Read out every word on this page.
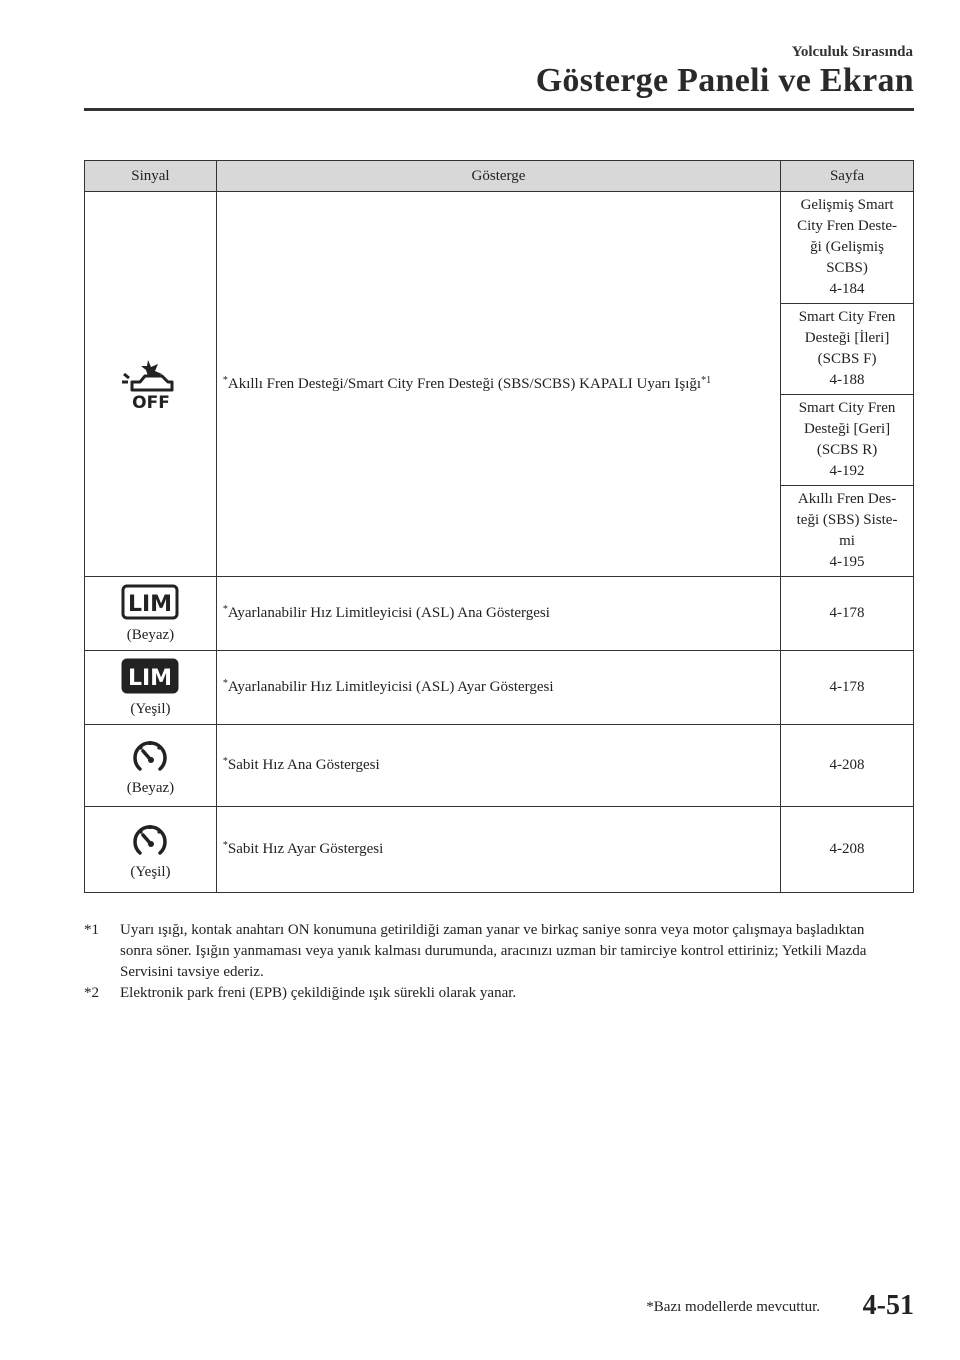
Yolculuk Sırasında
Gösterge Paneli ve Ekran
Sinyal	Gösterge	Sayfa

OFF	*Akıllı Fren Desteği/Smart City Fren Desteği (SBS/SCBS) KAPALI Uyarı Işığı$^{*1}$	Gelişmiş Smart
City Fren Deste-
ği (Gelişmiş
SCBS)
4-184

		Smart City Fren
Desteği [İleri]
(SCBS F)
4-188

		Smart City Fren
Desteği [Geri]
(SCBS R)
4-192

		Akıllı Fren Des-
teği (SBS) Siste-
mi
4-195

LIM
(Beyaz)	*Ayarlanabilir Hız Limitleyicisi (ASL) Ana Göstergesi	4-178

LIM
(Yeşil)	*Ayarlanabilir Hız Limitleyicisi (ASL) Ayar Göstergesi	4-178

(Beyaz)	*Sabit Hız Ana Göstergesi	4-208

(Yeşil)	*Sabit Hız Ayar Göstergesi	4-208
*1 Uyarı ışığı, kontak anahtarı ON konumuna getirildiği zaman yanar ve birkaç saniye sonra veya motor çalışmaya başladıktan sonra söner. Işığın yanmaması veya yanık kalması durumunda, aracınızı uzman bir tamirciye kontrol ettiriniz; Yetkili Mazda Servisini tavsiye ederiz.
*2 Elektronik park freni (EPB) çekildiğinde ışık sürekli olarak yanar.
*Bazı modellerde mevcuttur. 4-51
